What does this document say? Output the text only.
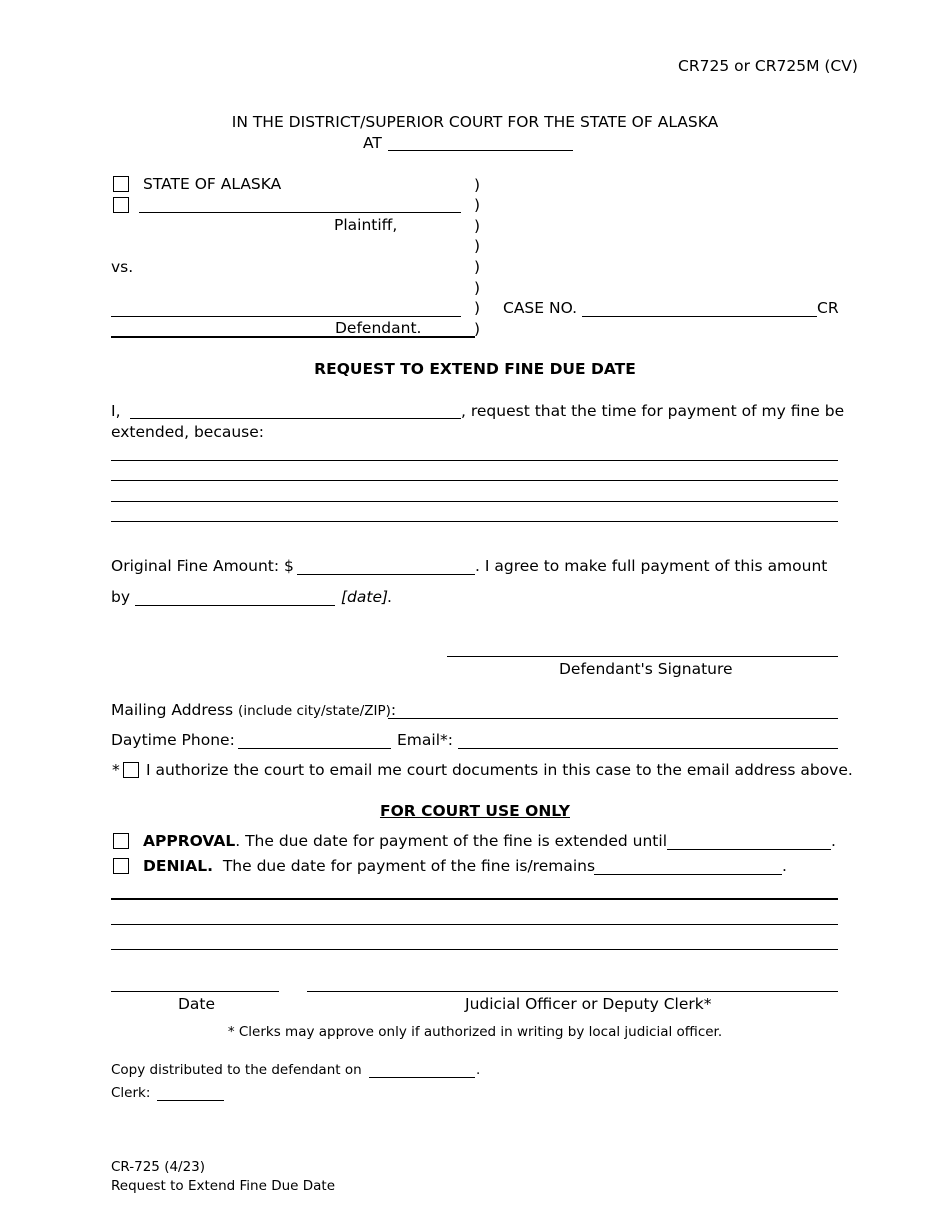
CR725 or CR725M (CV)
IN THE DISTRICT/SUPERIOR COURT FOR THE STATE OF ALASKA
AT
STATE OF ALASKA
Plaintiff,
vs.
Defendant.
)
)
)
)
)
)
)
)
CASE NO.	CR
REQUEST TO EXTEND FINE DUE DATE
I,	, request that the time for payment of my fine be
extended, because:
Original Fine Amount: $	. I agree to make full payment of this amount
by	[date]
.
Defendant's Signature
Mailing Address (include city/state/ZIP):
Daytime Phone:	Email*:
* I authorize the court to email me court documents in this case to the email address above.
FOR COURT USE ONLY
APPROVAL. The due date for payment of the fine is extended until	.
DENIAL. The due date for payment of the fine is/remains	.
Date	Judicial Officer or Deputy Clerk*
* Clerks may approve only if authorized in writing by local judicial officer.
Copy distributed to the defendant on	.
Clerk:
CR-725 (4/23)
Request to Extend Fine Due Date
